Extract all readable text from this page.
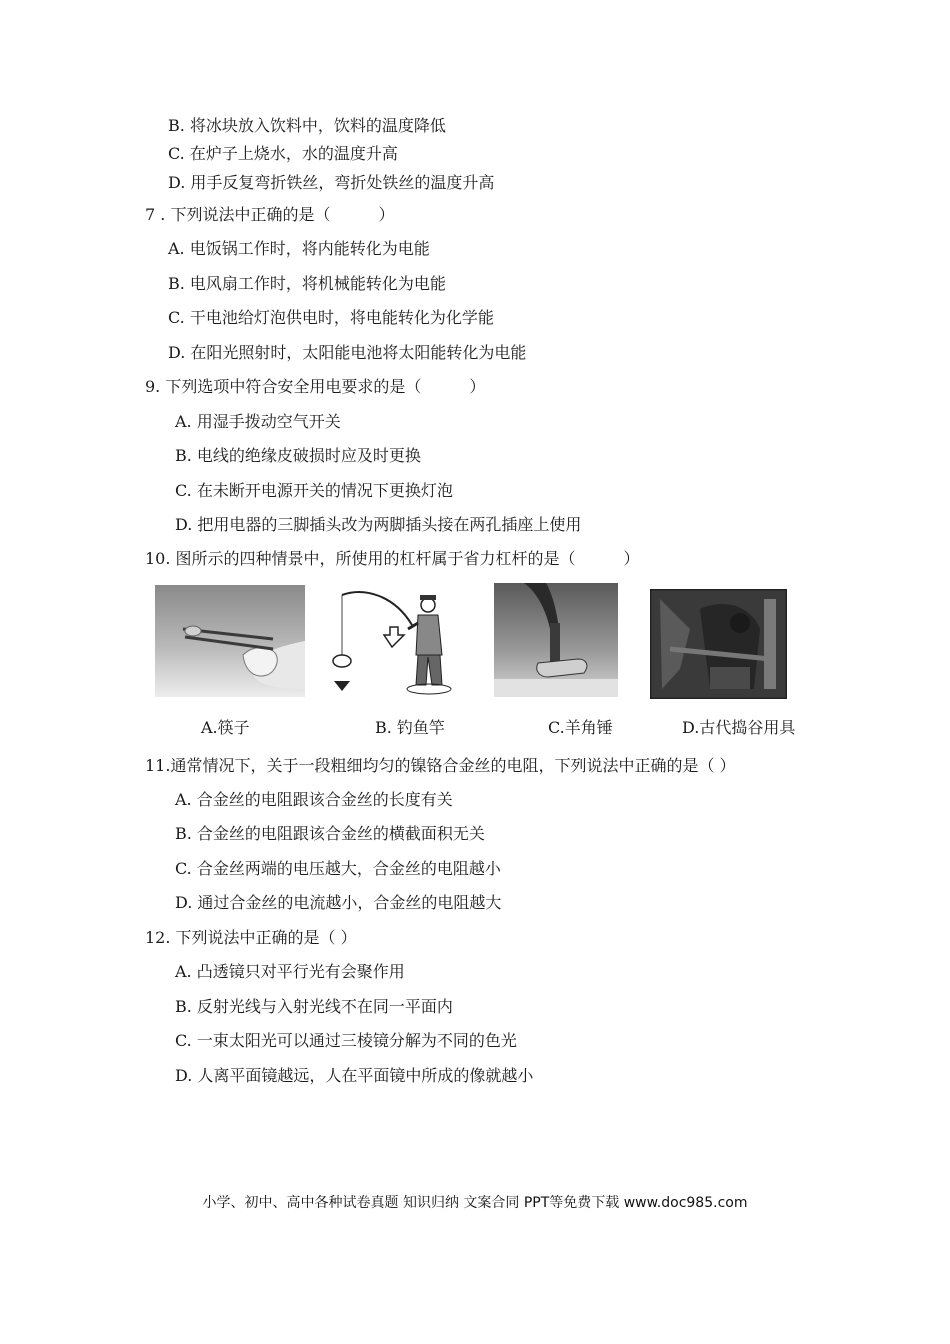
B. 将冰块放入饮料中，饮料的温度降低
C. 在炉子上烧水，水的温度升高
D. 用手反复弯折铁丝，弯折处铁丝的温度升高
7 . 下列说法中正确的是（　　　）
A. 电饭锅工作时，将内能转化为电能
B. 电风扇工作时，将机械能转化为电能
C. 干电池给灯泡供电时，将电能转化为化学能
D. 在阳光照射时，太阳能电池将太阳能转化为电能
9. 下列选项中符合安全用电要求的是（　　　）
A. 用湿手拨动空气开关
B. 电线的绝缘皮破损时应及时更换
C. 在未断开电源开关的情况下更换灯泡
D. 把用电器的三脚插头改为两脚插头接在两孔插座上使用
10. 图所示的四种情景中，所使用的杠杆属于省力杠杆的是（　　　）
A.筷子	B. 钓鱼竿	C.羊角锤	D.古代捣谷用具
11.通常情况下，关于一段粗细均匀的镍铬合金丝的电阻，下列说法中正确的是（ ）
A. 合金丝的电阻跟该合金丝的长度有关
B. 合金丝的电阻跟该合金丝的横截面积无关
C. 合金丝两端的电压越大，合金丝的电阻越小
D. 通过合金丝的电流越小，合金丝的电阻越大
12. 下列说法中正确的是（ ）
A. 凸透镜只对平行光有会聚作用
B. 反射光线与入射光线不在同一平面内
C. 一束太阳光可以通过三棱镜分解为不同的色光
D. 人离平面镜越远，人在平面镜中所成的像就越小
小学、初中、高中各种试卷真题 知识归纳 文案合同 PPT等免费下载 www.doc985.com
